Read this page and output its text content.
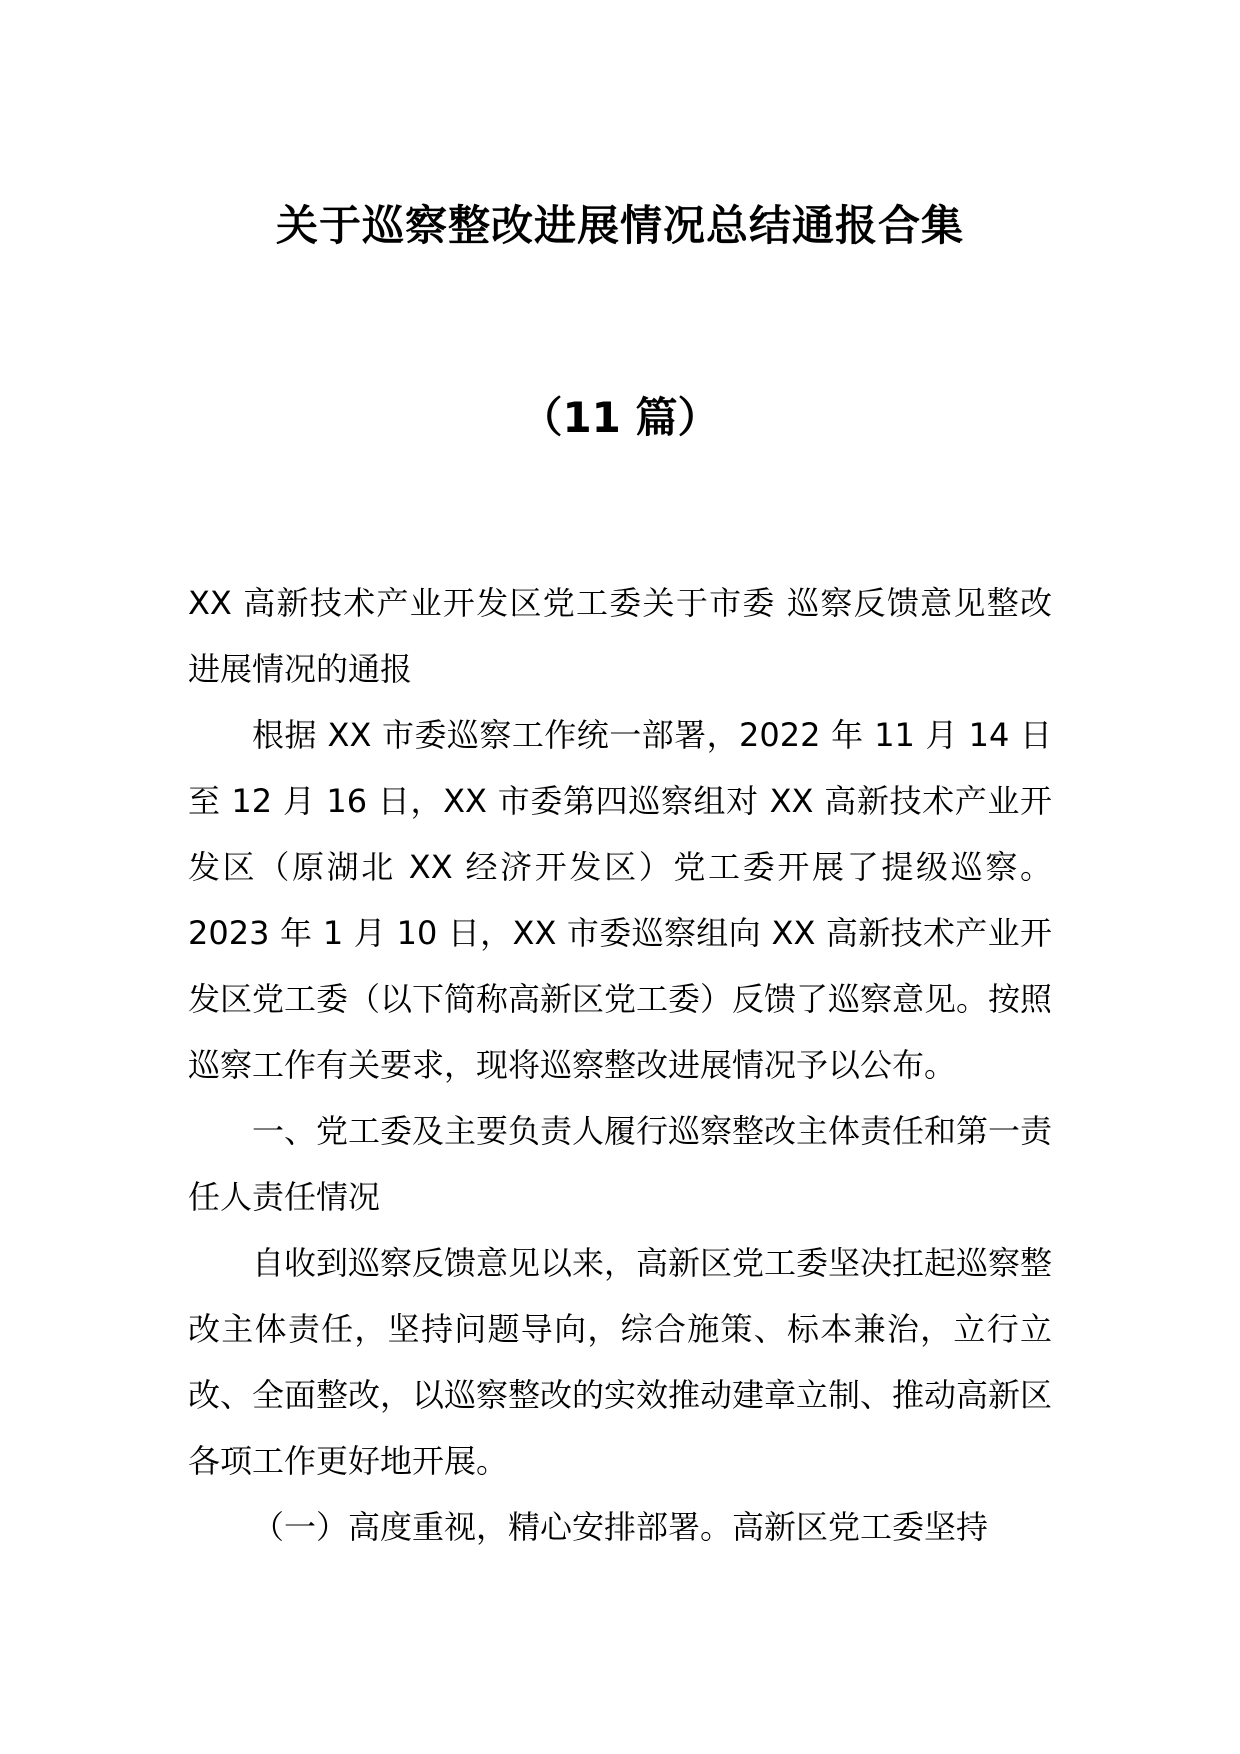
关于巡察整改进展情况总结通报合集
（11 篇）

XX 高新技术产业开发区党工委关于市委 巡察反馈意见整改进展情况的通报

根据 XX 市委巡察工作统一部署，2022 年 11 月 14 日至 12 月 16 日，XX 市委第四巡察组对 XX 高新技术产业开发区（原湖北 XX 经济开发区）党工委开展了提级巡察。2023 年 1 月 10 日，XX 市委巡察组向 XX 高新技术产业开发区党工委（以下简称高新区党工委）反馈了巡察意见。按照巡察工作有关要求，现将巡察整改进展情况予以公布。

一、党工委及主要负责人履行巡察整改主体责任和第一责任人责任情况

自收到巡察反馈意见以来，高新区党工委坚决扛起巡察整改主体责任，坚持问题导向，综合施策、标本兼治，立行立改、全面整改，以巡察整改的实效推动建章立制、推动高新区各项工作更好地开展。

（一）高度重视，精心安排部署。高新区党工委坚持
